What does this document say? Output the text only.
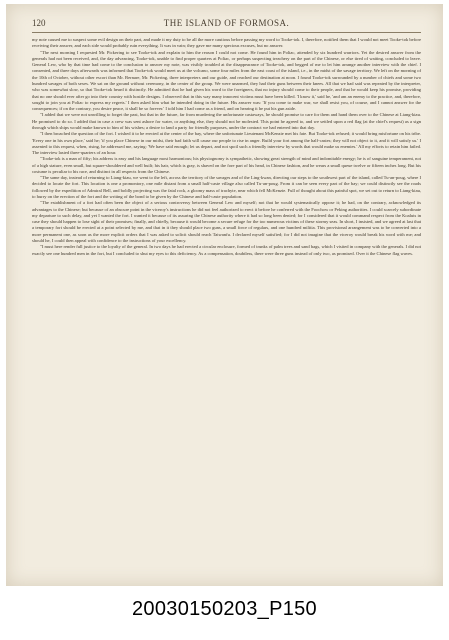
120	THE ISLAND OF FORMOSA.

my note caused me to suspect some evil design on their part, and made it my duty to be all the more cautious before passing my word to Tooke-tok. I, therefore, notified them that I would not meet Tooke-tok before receiving their answer, and each side would probably ruin everything. It was in vain; they gave me many specious excuses, but no answer.

"The next morning I requested Mr. Pickering to see Tooke-tok and explain to him the reason I could not come. He found him in Poliac, attended by six hundred warriors. Yet the desired answer from the generals had not been received, and, the day advancing, Tooke-tok, unable to find proper quarters at Poliac, or perhaps suspecting treachery on the part of the Chinese, or else tired of waiting, concluded to leave. General Lew, who by that time had come to the conclusion to answer my note, was visibly troubled at the disappearance of Tooke-tok, and begged of me to let him arrange another interview with the chief. I consented, and three days afterwards was informed that Tooke-tok would meet us at the volcano, some four miles from the east coast of the island, i.e., in the midst of the savage territory. We left on the morning of the 10th of October, without other escort than Mr. Bernare, Mr. Pickering, three interpreters and our guide, and reached our destination at noon. I found Tooke-tok surrounded by a number of chiefs and some two hundred savages of both sexes. We sat on the ground without ceremony, in the center of the group. We were unarmed, they had their guns between their knees. All that we had said was repeated by the interpreter, who was somewhat slow, so that Tooke-tok heard it distinctly. He admitted that he had given his word to the foreigners, that no injury should come to their people, and that he would keep his promise, providing that no one should ever after go into their country with hostile designs. I observed that in this way many innocent victims must have been killed. 'I know it,' said he, 'and am an enemy to the practice, and, therefore, sought to join you at Poliac to express my regrets.' I then asked him what he intended doing in the future. His answer was: 'If you come to make war, we shall resist you, of course, and I cannot answer for the consequences; if on the contrary, you desire peace, it shall be so forever.' I told him I had come as a friend, and on hearing it he put his gun aside.

"I added that we were not unwilling to forget the past, but that in the future, far from murdering the unfortunate castaways, he should promise to care for them and hand them over to the Chinese at Liang-kiau. He promised to do so. I added that in case a crew was sent ashore for water, or anything else, they should not be molested. This point he agreed to, and we settled upon a red flag (at the chief's request) as a sign through which ships would make known to him of his wishes; a desire to land a party for friendly purposes, under the contract we had entered into that day.

"I then broached the question of the fort. I wished it to be erected at the center of the bay, where the unfortunate Lieutenant McKenzie met his fate. But Tooke-tok refused; it would bring misfortune on his tribe. 'Every one in his own place,' said he; 'if you place Chinese in our midst, their bad faith will cause our people to rise in anger. Build your fort among the half-castes; they will not object to it, and it will satisfy us.' I assented to this request, when, rising, he addressed me, saying: 'We have said enough; let us depart, and not spoil such a friendly interview by words that would make us enemies.' All my efforts to retain him failed. The interview lasted three-quarters of an hour.

"Tooke-tok is a man of fifty; his address is easy and his language most harmonious; his physiognomy is sympathetic, showing great strength of mind and indomitable energy; he is of sanguine temperament, not of a high stature, even small, but square-shouldered and well built; his hair, which is gray, is shaved on the fore part of his head, in Chinese fashion, and he wears a small queue twelve or fifteen inches long. But his costume is peculiar to his race, and distinct in all respects from the Chinese.

"The same day, instead of returning to Liang-kiau, we went to the left, across the territory of the savages and of the Ling-kwan, directing our steps to the southwest part of the island, called Tu-an-poug, where I decided to locate the fort. This location is one a promontory, one mile distant from a small half-caste village also called Tu-an-poug. From it can be seen every part of the bay; we could distinctly see the roads followed by the expedition of Admiral Bell, and boldly projecting was the fatal rock, a gloomy mass of trachyte, near which fell McKenzie. Full of thought about this painful spot, we set out to return to Liang-kiau, to hurry on the erection of the fort and the writing of the bond to be given by the Chinese and half-caste population.

"The establishment of a fort had often been the object of a serious controversy between General Lew and myself; not that he would systematically oppose it; he had, on the contrary, acknowledged its advantages to the Chinese; but because of an obscure point in the viceroy's instructions he did not feel authorized to erect it before he conferred with the Foochow or Peking authorities. I could scarcely subordinate my departure to such delay, and yet I wanted the fort. I wanted it because of its assuring the Chinese authority where it had so long been denied; for I considered that it would command respect from the Koaluts in case they should happen to lose sight of their promises; finally, and chiefly, because it would become a secure refuge for the too numerous victims of these stormy seas. In short, I insisted, and we agreed at last that a temporary fort should be erected at a point selected by me, and that in it they should place two guns, a small force of regulars, and one hundred militia. This provisional arrangement was to be converted into a more permanent one, as soon as the more explicit orders that I was asked to solicit should reach Taiwanfu. I declared myself satisfied; for I did not imagine that the viceroy would break his word with me; and should he, I could then appeal with confidence to the instructions of your excellency.

"I must here render full justice to the loyalty of the general. In two days he had erected a circular enclosure, formed of trunks of palm trees and sand bags, which I visited in company with the generals. I did not exactly see one hundred men in the fort, but I concluded to shut my eyes to this deficiency. As a compensation, doubtless, there were three guns instead of only two, as promised. Over it the Chinese flag waves.

20030150203_P150
